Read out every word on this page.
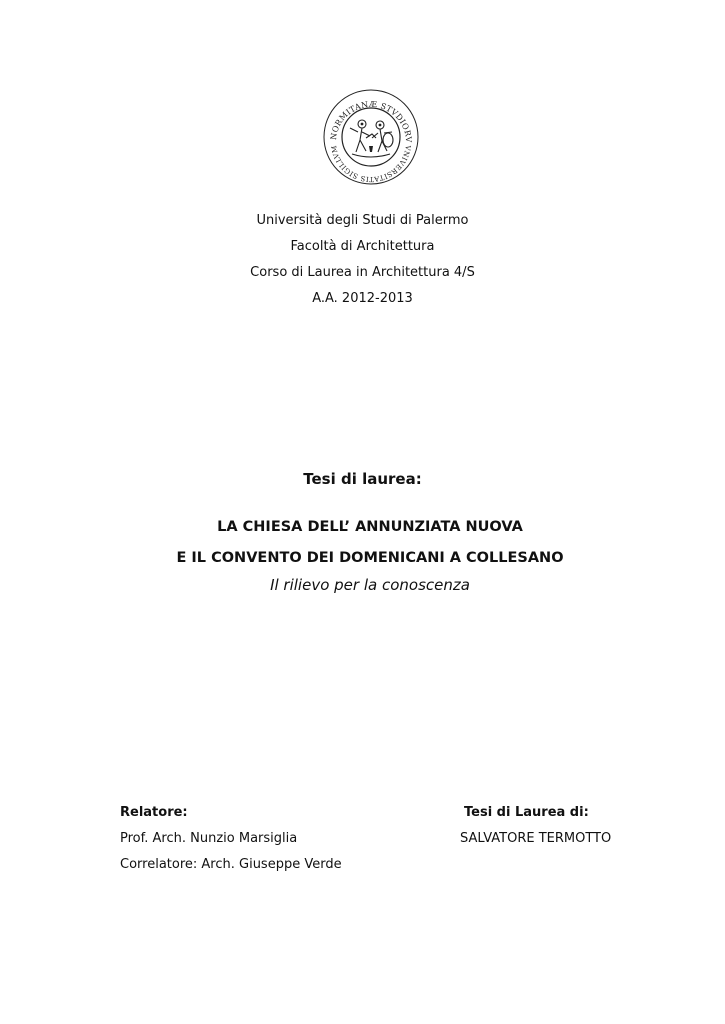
NORMITANÆ STVDIORV
VNIVERSITATIS SIGILLVM
Università degli Studi di Palermo
Facoltà di Architettura
Corso di Laurea in Architettura 4/S
A.A. 2012-2013
Tesi di laurea:
LA CHIESA DELL’ ANNUNZIATA NUOVA
E IL CONVENTO DEI DOMENICANI A COLLESANO
Il rilievo per la conoscenza
Relatore:
Prof. Arch. Nunzio Marsiglia
Correlatore: Arch. Giuseppe Verde
Tesi di Laurea di:
SALVATORE TERMOTTO
